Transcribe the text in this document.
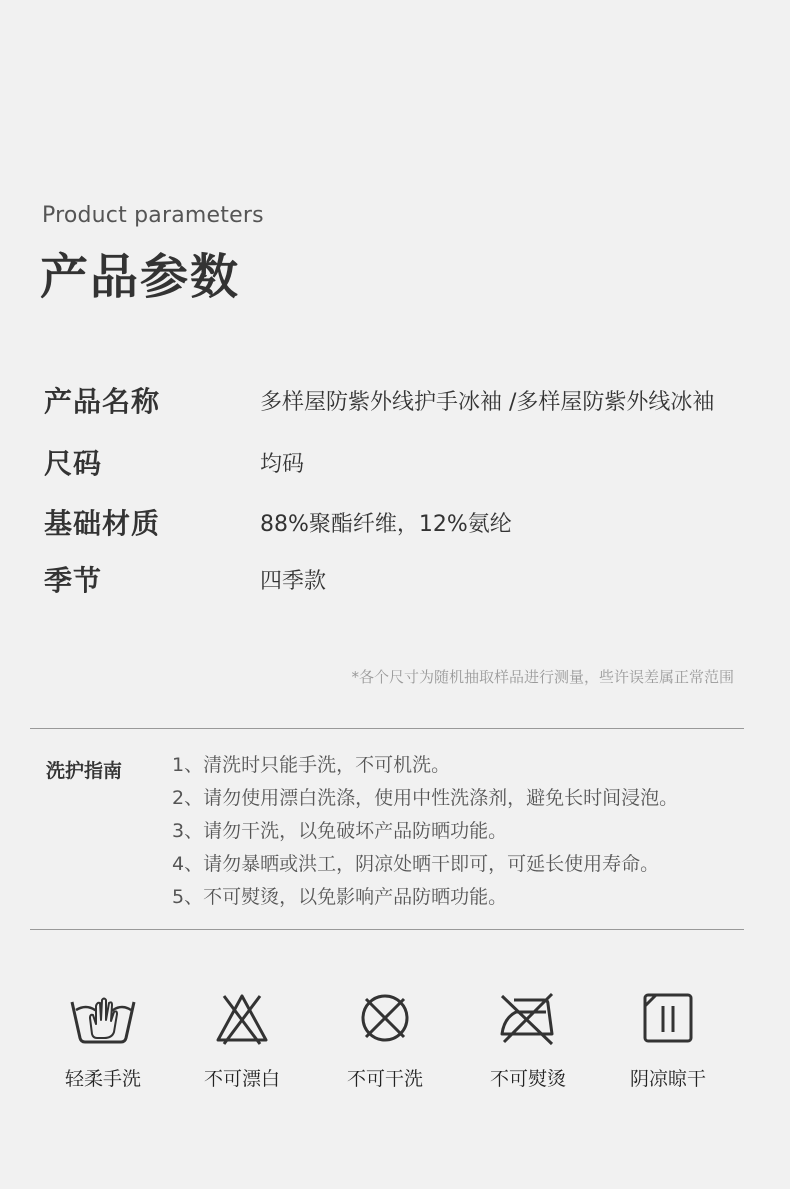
Product parameters
产品参数
产品名称	多样屋防紫外线护手冰袖 /多样屋防紫外线冰袖
尺码	均码
基础材质	88%聚酯纤维，12%氨纶
季节	四季款
*各个尺寸为随机抽取样品进行测量，些许误差属正常范围
洗护指南	1、清洗时只能手洗，不可机洗。
2、请勿使用漂白洗涤，使用中性洗涤剂，避免长时间浸泡。
3、请勿干洗，以免破坏产品防晒功能。
4、请勿暴晒或洪工，阴凉处晒干即可，可延长使用寿命。
5、不可熨烫，以免影响产品防晒功能。
轻柔手洗	不可漂白	不可干洗	不可熨烫	阴凉晾干
